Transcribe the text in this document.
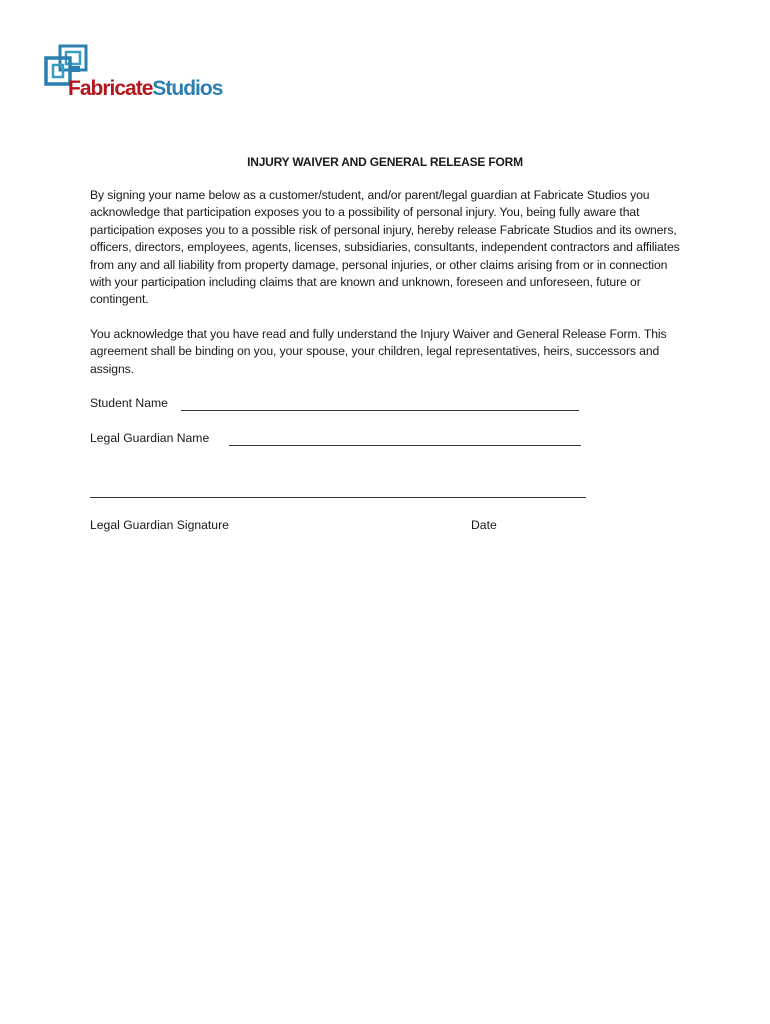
FabricateStudios
INJURY WAIVER AND GENERAL RELEASE FORM
By signing your name below as a customer/student, and/or parent/legal guardian at Fabricate Studios you acknowledge that participation exposes you to a possibility of personal injury. You, being fully aware that participation exposes you to a possible risk of personal injury, hereby release Fabricate Studios and its owners, officers, directors, employees, agents, licenses, subsidiaries, consultants, independent contractors and affiliates from any and all liability from property damage, personal injuries, or other claims arising from or in connection with your participation including claims that are known and unknown, foreseen and unforeseen, future or contingent.
You acknowledge that you have read and fully understand the Injury Waiver and General Release Form. This agreement shall be binding on you, your spouse, your children, legal representatives, heirs, successors and assigns.
Student Name
Legal Guardian Name
Legal Guardian Signature	Date
